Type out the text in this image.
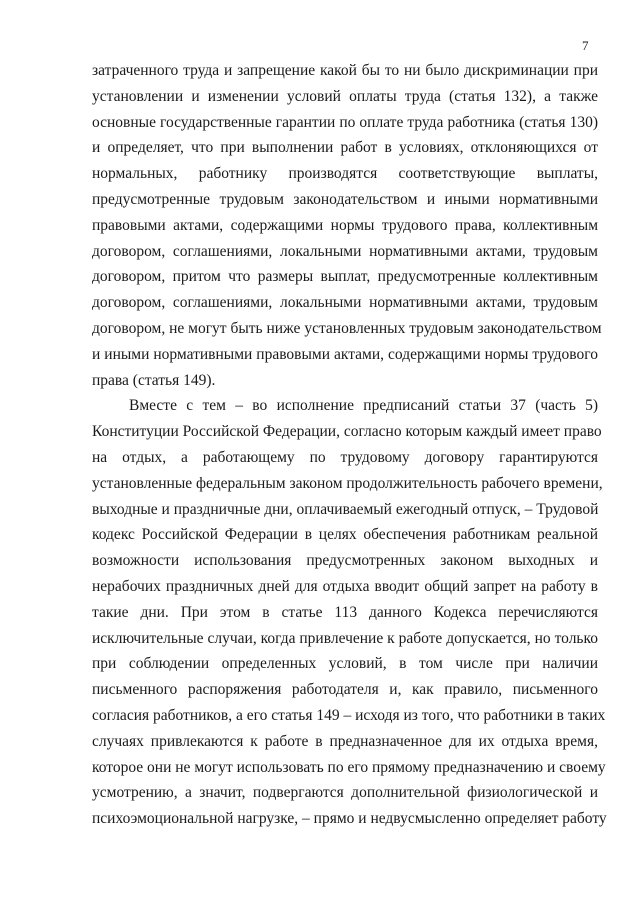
7
затраченного труда и запрещение какой бы то ни было дискриминации при
установлении и изменении условий оплаты труда (статья 132), а также
основные государственные гарантии по оплате труда работника (статья 130)
и определяет, что при выполнении работ в условиях, отклоняющихся от
нормальных, работнику производятся соответствующие выплаты,
предусмотренные трудовым законодательством и иными нормативными
правовыми актами, содержащими нормы трудового права, коллективным
договором, соглашениями, локальными нормативными актами, трудовым
договором, притом что размеры выплат, предусмотренные коллективным
договором, соглашениями, локальными нормативными актами, трудовым
договором, не могут быть ниже установленных трудовым законодательством
и иными нормативными правовыми актами, содержащими нормы трудового
права (статья 149).
Вместе с тем – во исполнение предписаний статьи 37 (часть 5)
Конституции Российской Федерации, согласно которым каждый имеет право
на отдых, а работающему по трудовому договору гарантируются
установленные федеральным законом продолжительность рабочего времени,
выходные и праздничные дни, оплачиваемый ежегодный отпуск, – Трудовой
кодекс Российской Федерации в целях обеспечения работникам реальной
возможности использования предусмотренных законом выходных и
нерабочих праздничных дней для отдыха вводит общий запрет на работу в
такие дни. При этом в статье 113 данного Кодекса перечисляются
исключительные случаи, когда привлечение к работе допускается, но только
при соблюдении определенных условий, в том числе при наличии
письменного распоряжения работодателя и, как правило, письменного
согласия работников, а его статья 149 – исходя из того, что работники в таких
случаях привлекаются к работе в предназначенное для их отдыха время,
которое они не могут использовать по его прямому предназначению и своему
усмотрению, а значит, подвергаются дополнительной физиологической и
психоэмоциональной нагрузке, – прямо и недвусмысленно определяет работу
